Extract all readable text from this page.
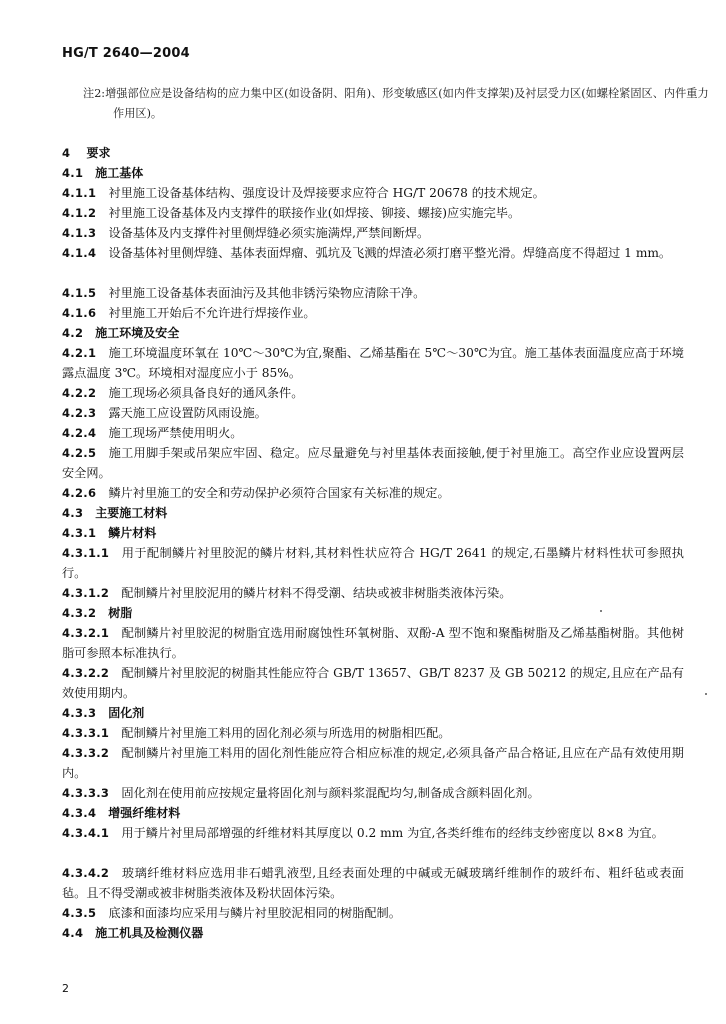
HG/T 2640—2004
注2:增强部位应是设备结构的应力集中区(如设备阴、阳角)、形变敏感区(如内件支撑架)及衬层受力区(如螺栓紧固区、内件重力作用区)。

4  要求

4.1  施工基体

4.1.1  衬里施工设备基体结构、强度设计及焊接要求应符合 HG/T 20678 的技术规定。

4.1.2  衬里施工设备基体及内支撑件的联接作业(如焊接、铆接、螺接)应实施完毕。

4.1.3  设备基体及内支撑件衬里侧焊缝必须实施满焊,严禁间断焊。

4.1.4  设备基体衬里侧焊缝、基体表面焊瘤、弧坑及飞溅的焊渣必须打磨平整光滑。焊缝高度不得超过 1 mm。

4.1.5  衬里施工设备基体表面油污及其他非锈污染物应清除干净。

4.1.6  衬里施工开始后不允许进行焊接作业。

4.2  施工环境及安全

4.2.1  施工环境温度环氧在 10℃～30℃为宜,聚酯、乙烯基酯在 5℃～30℃为宜。施工基体表面温度应高于环境露点温度 3℃。环境相对湿度应小于 85%。

4.2.2  施工现场必须具备良好的通风条件。

4.2.3  露天施工应设置防风雨设施。

4.2.4  施工现场严禁使用明火。

4.2.5  施工用脚手架或吊架应牢固、稳定。应尽量避免与衬里基体表面接触,便于衬里施工。高空作业应设置两层安全网。

4.2.6  鳞片衬里施工的安全和劳动保护必须符合国家有关标准的规定。

4.3  主要施工材料

4.3.1  鳞片材料

4.3.1.1  用于配制鳞片衬里胶泥的鳞片材料,其材料性状应符合 HG/T 2641 的规定,石墨鳞片材料性状可参照执行。

4.3.1.2  配制鳞片衬里胶泥用的鳞片材料不得受潮、结块或被非树脂类液体污染。

4.3.2  树脂

4.3.2.1  配制鳞片衬里胶泥的树脂宜选用耐腐蚀性环氧树脂、双酚-A 型不饱和聚酯树脂及乙烯基酯树脂。其他树脂可参照本标准执行。

4.3.2.2  配制鳞片衬里胶泥的树脂其性能应符合 GB/T 13657、GB/T 8237 及 GB 50212 的规定,且应在产品有效使用期内。

4.3.3  固化剂

4.3.3.1  配制鳞片衬里施工料用的固化剂必须与所选用的树脂相匹配。

4.3.3.2  配制鳞片衬里施工料用的固化剂性能应符合相应标准的规定,必须具备产品合格证,且应在产品有效使用期内。

4.3.3.3  固化剂在使用前应按规定量将固化剂与颜料浆混配均匀,制备成含颜料固化剂。

4.3.4  增强纤维材料

4.3.4.1  用于鳞片衬里局部增强的纤维材料其厚度以 0.2 mm 为宜,各类纤维布的经纬支纱密度以 8×8 为宜。

4.3.4.2  玻璃纤维材料应选用非石蜡乳液型,且经表面处理的中碱或无碱玻璃纤维制作的玻纤布、粗纤毡或表面毡。且不得受潮或被非树脂类液体及粉状固体污染。

4.3.5  底漆和面漆均应采用与鳞片衬里胶泥相同的树脂配制。

4.4  施工机具及检测仪器

2
